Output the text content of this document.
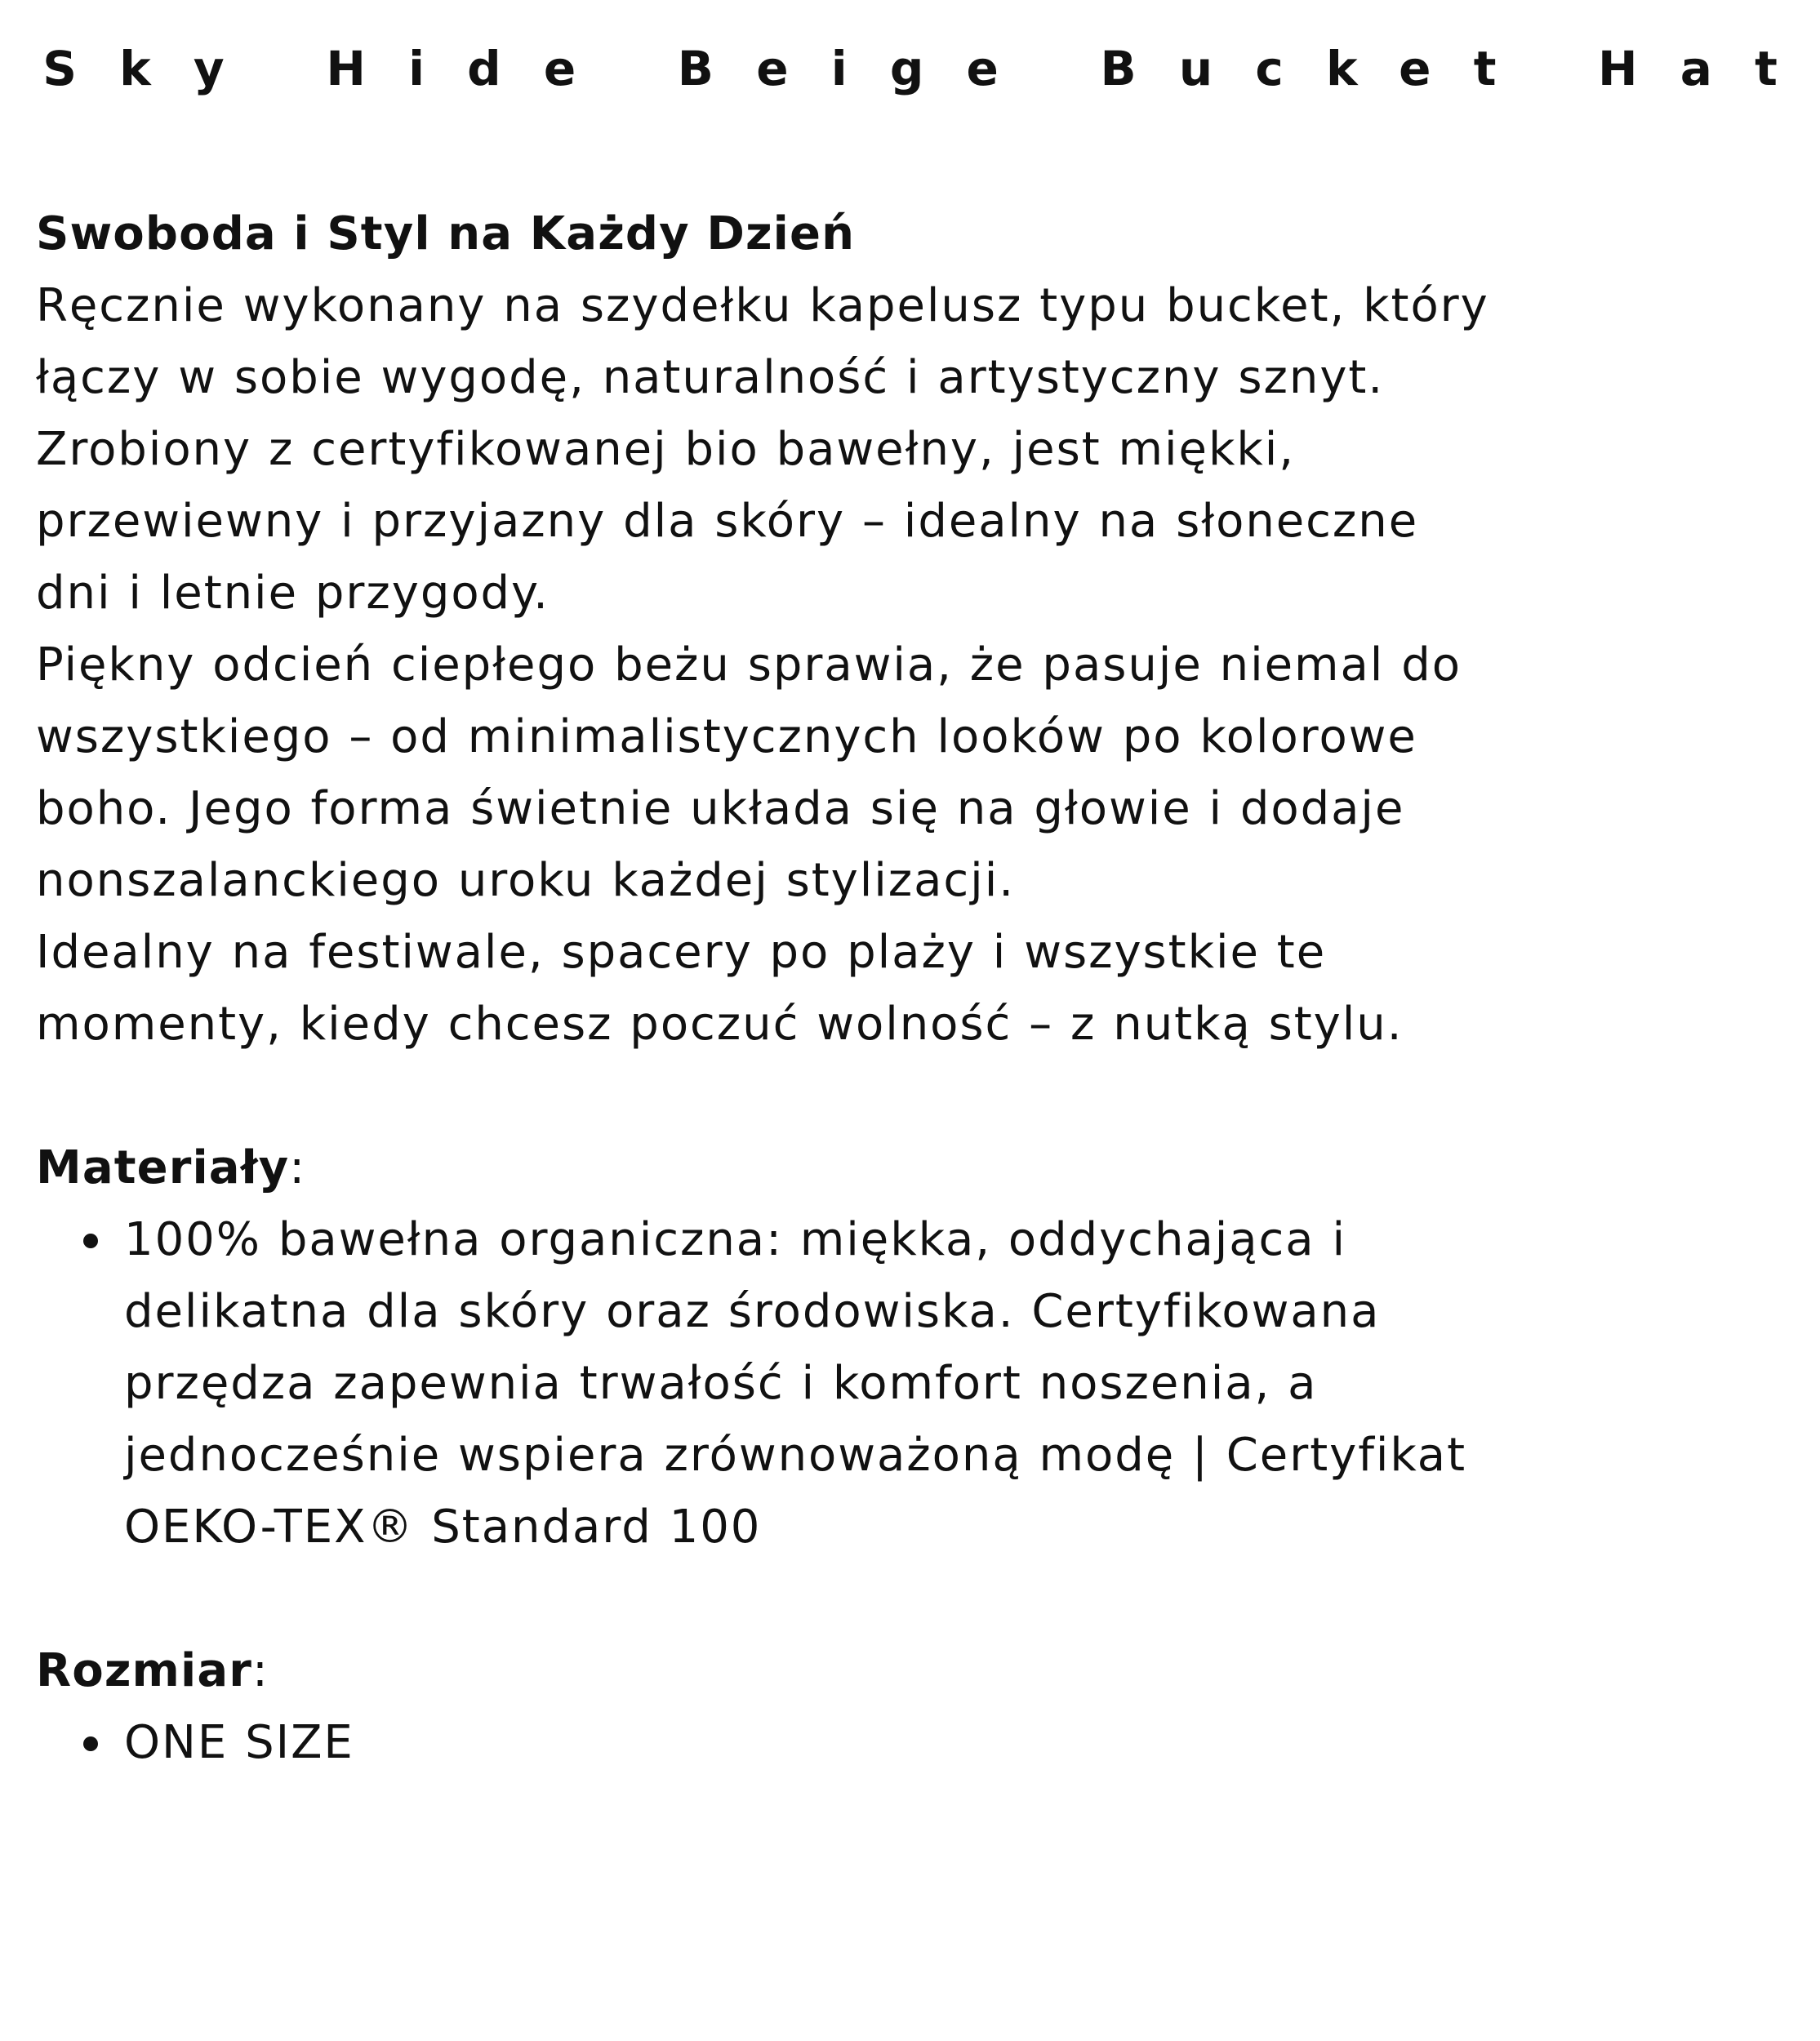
Sky Hide Beige Bucket Hat

Swoboda i Styl na Każdy Dzień

Ręcznie wykonany na szydełku kapelusz typu bucket, który
łączy w sobie wygodę, naturalność i artystyczny sznyt.
Zrobiony z certyfikowanej bio bawełny, jest miękki,
przewiewny i przyjazny dla skóry – idealny na słoneczne
dni i letnie przygody.
Piękny odcień ciepłego beżu sprawia, że pasuje niemal do
wszystkiego – od minimalistycznych looków po kolorowe
boho. Jego forma świetnie układa się na głowie i dodaje
nonszalanckiego uroku każdej stylizacji.
Idealny na festiwale, spacery po plaży i wszystkie te
momenty, kiedy chcesz poczuć wolność – z nutką stylu.

Materiały:

100% bawełna organiczna: miękka, oddychająca i
delikatna dla skóry oraz środowiska. Certyfikowana
przędza zapewnia trwałość i komfort noszenia, a
jednocześnie wspiera zrównoważoną modę | Certyfikat
OEKO-TEX® Standard 100

Rozmiar:

ONE SIZE
